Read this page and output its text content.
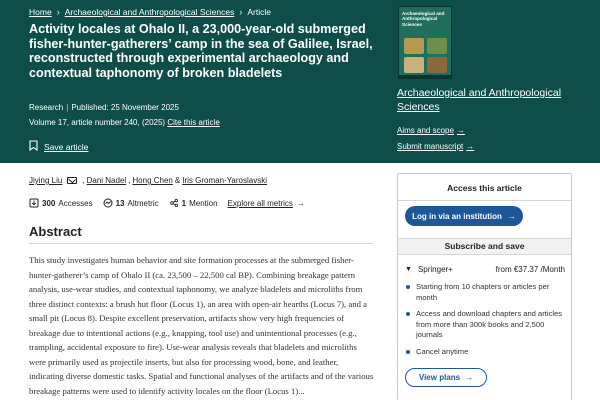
Home › Archaeological and Anthropological Sciences › Article
Activity locales at Ohalo II, a 23,000-year-old submerged fisher-hunter-gatherers’ camp in the sea of Galilee, Israel, reconstructed through experimental archaeology and contextual taphonomy of broken bladelets
Research | Published: 25 November 2025
Volume 17, article number 240, (2025) Cite this article
Save article
Archaeological and Anthropological Sciences
Archaeological and Anthropological Sciences
Aims and scope →
Submit manuscript →
Jiying Liu	, Dani Nadel , Hong Chen & Iris Groman-Yaroslavski
300 Accesses	13 Altmetric	1 Mention Explore all metrics →
Abstract

This study investigates human behavior and site formation processes at the submerged fisher-hunter-gatherer’s camp of Ohalo II (ca. 23,500 – 22,500 cal BP). Combining breakage pattern analysis, use-wear studies, and contextual taphonomy, we analyze bladelets and microliths from three distinct contexts: a brush hut floor (Locus 1), an area with open-air hearths (Locus 7), and a small pit (Locus 8). Despite excellent preservation, artifacts show very high frequencies of breakage due to intentional actions (e.g., knapping, tool use) and unintentional processes (e.g., trampling, accidental exposure to fire). Use-wear analysis reveals that bladelets and microliths were primarily used as projectile inserts, but also for processing wood, bone, and leather, indicating diverse domestic tasks. Spatial and functional analyses of the artifacts and of the various breakage patterns were used to identify activity locales on the floor (Locus 1)...

Access this article
Log in via an institution →
Subscribe and save
▼ Springer+	from €37.37 /Month
Starting from 10 chapters or articles per month
Access and download chapters and articles from more than 300k books and 2,500 journals
Cancel anytime
View plans →
